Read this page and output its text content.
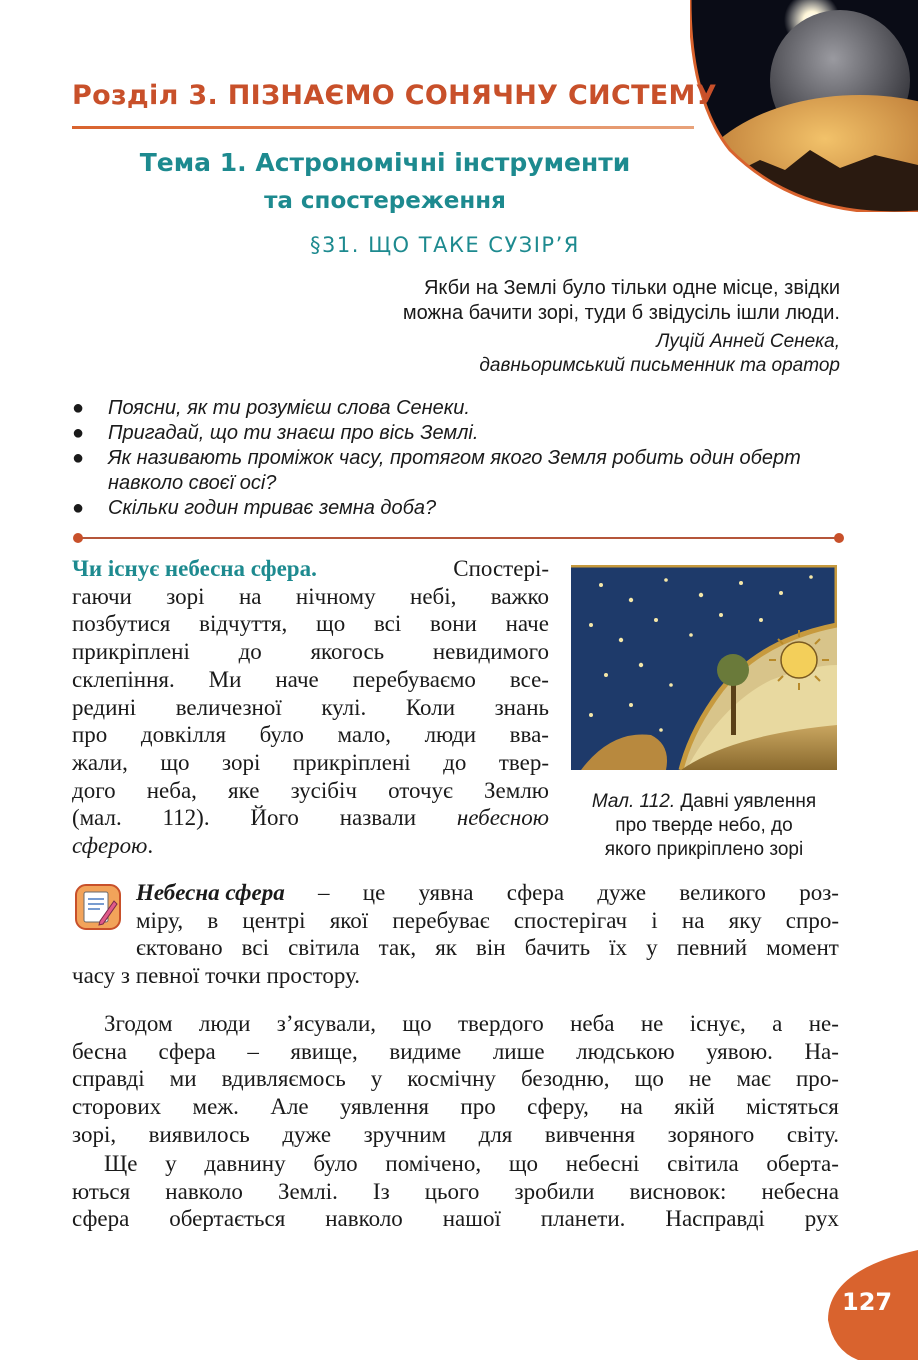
Розділ 3. ПІЗНАЄМО СОНЯЧНУ СИСТЕМУ
Тема 1. Астрономічні інструменти
та спостереження
§31. ЩО ТАКЕ СУЗІР’Я
Якби на Землі було тільки одне місце, звідки
можна бачити зорі, туди б звідусіль ішли люди.
Луцій Анней Сенека,
давньоримський письменник та оратор
●	Поясни, як ти розумієш слова Сенеки.
●	Пригадай, що ти знаєш про вісь Землі.
●	Як називають проміжок часу, протягом якого Земля робить один оберт навколо своєї осі?
●	Скільки годин триває земна доба?
Чи існує небесна сфера.	Спостері-
гаючи зорі на нічному небі, важко
позбутися відчуття, що всі вони наче
прикріплені до якогось невидимого
склепіння. Ми наче перебуваємо все-
редині величезної кулі. Коли знань
про довкілля було мало, люди вва-
жали, що зорі прикріплені до твер-
дого неба, яке зусібіч оточує Землю
(мал. 112). Його назвали небесною
сферою .
Мал. 112. Давні уявлення
про тверде небо, до
якого прикріплено зорі
Небесна сфера – це уявна сфера дуже великого роз-
міру, в центрі якої перебуває спостерігач і на яку спро-
єктовано всі світила так, як він бачить їх у певний момент
часу з певної точки простору.
Згодом люди з’ясували, що твердого неба не існує, а не-
бесна сфера – явище, видиме лише людською уявою. На-
справді ми вдивляємось у космічну безодню, що не має про-
сторових меж. Але уявлення про сферу, на якій містяться
зорі, виявилось дуже зручним для вивчення зоряного світу.
Ще у давнину було помічено, що небесні світила оберта-
ються навколо Землі. Із цього зробили висновок: небесна
сфера обертається навколо нашої планети. Насправді рух
127
